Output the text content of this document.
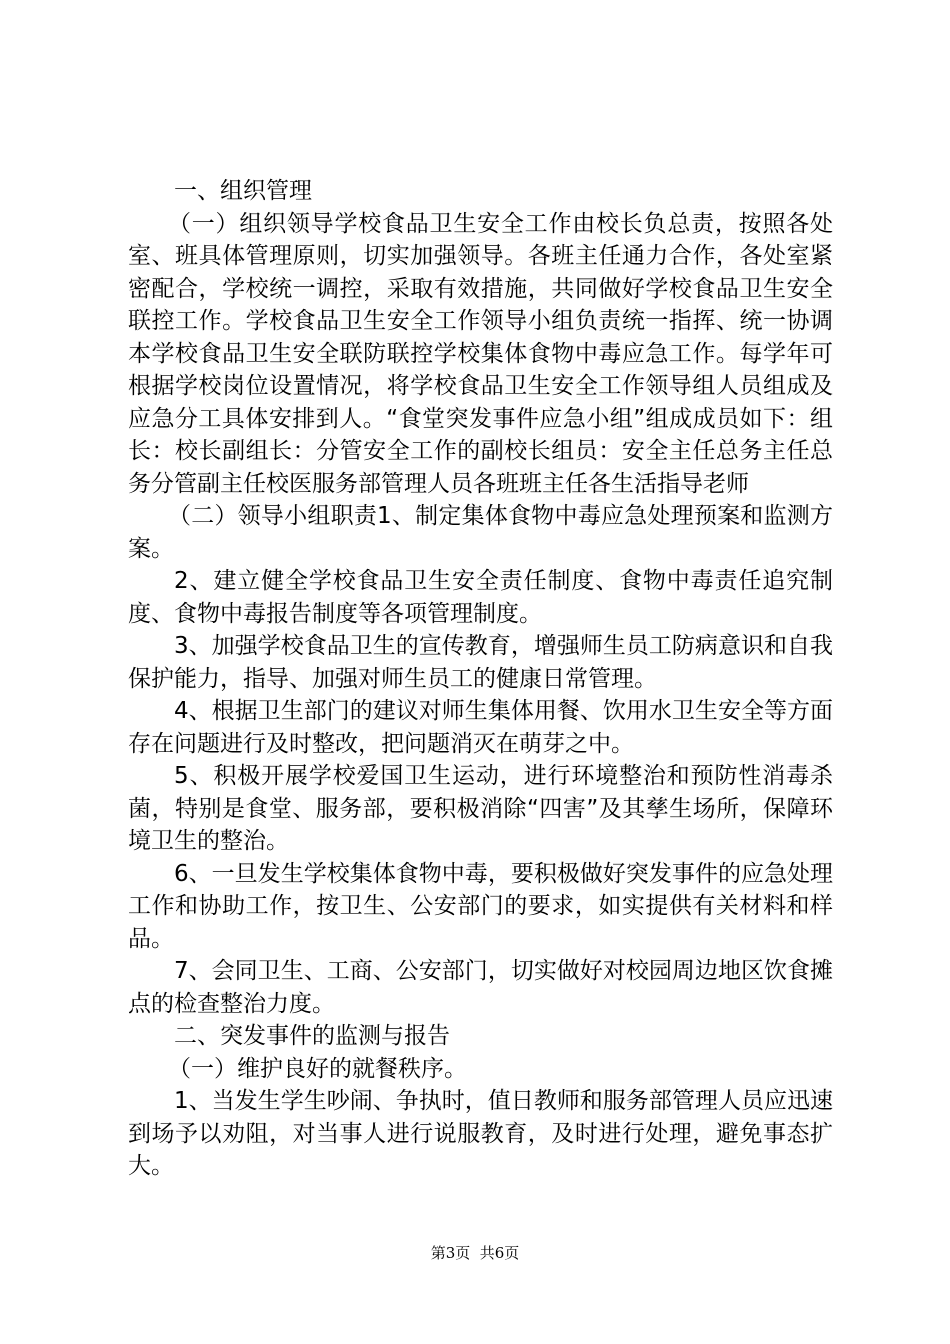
一、组织管理

（一）组织领导学校食品卫生安全工作由校长负总责，按照各处室、班具体管理原则，切实加强领导。各班主任通力合作，各处室紧密配合，学校统一调控，采取有效措施，共同做好学校食品卫生安全联控工作。学校食品卫生安全工作领导小组负责统一指挥、统一协调本学校食品卫生安全联防联控学校集体食物中毒应急工作。每学年可根据学校岗位设置情况，将学校食品卫生安全工作领导组人员组成及应急分工具体安排到人。“食堂突发事件应急小组”组成成员如下：组长：校长副组长：分管安全工作的副校长组员：安全主任总务主任总务分管副主任校医服务部管理人员各班班主任各生活指导老师

（二）领导小组职责1、制定集体食物中毒应急处理预案和监测方案。

2、建立健全学校食品卫生安全责任制度、食物中毒责任追究制度、食物中毒报告制度等各项管理制度。

3、加强学校食品卫生的宣传教育，增强师生员工防病意识和自我保护能力，指导、加强对师生员工的健康日常管理。

4、根据卫生部门的建议对师生集体用餐、饮用水卫生安全等方面存在问题进行及时整改，把问题消灭在萌芽之中。

5、积极开展学校爱国卫生运动，进行环境整治和预防性消毒杀菌，特别是食堂、服务部，要积极消除“四害”及其孳生场所，保障环境卫生的整治。

6、一旦发生学校集体食物中毒，要积极做好突发事件的应急处理工作和协助工作，按卫生、公安部门的要求，如实提供有关材料和样品。

7、会同卫生、工商、公安部门，切实做好对校园周边地区饮食摊点的检查整治力度。

二、突发事件的监测与报告

（一）维护良好的就餐秩序。

1、当发生学生吵闹、争执时，值日教师和服务部管理人员应迅速到场予以劝阻，对当事人进行说服教育，及时进行处理，避免事态扩大。

第3页  共6页
